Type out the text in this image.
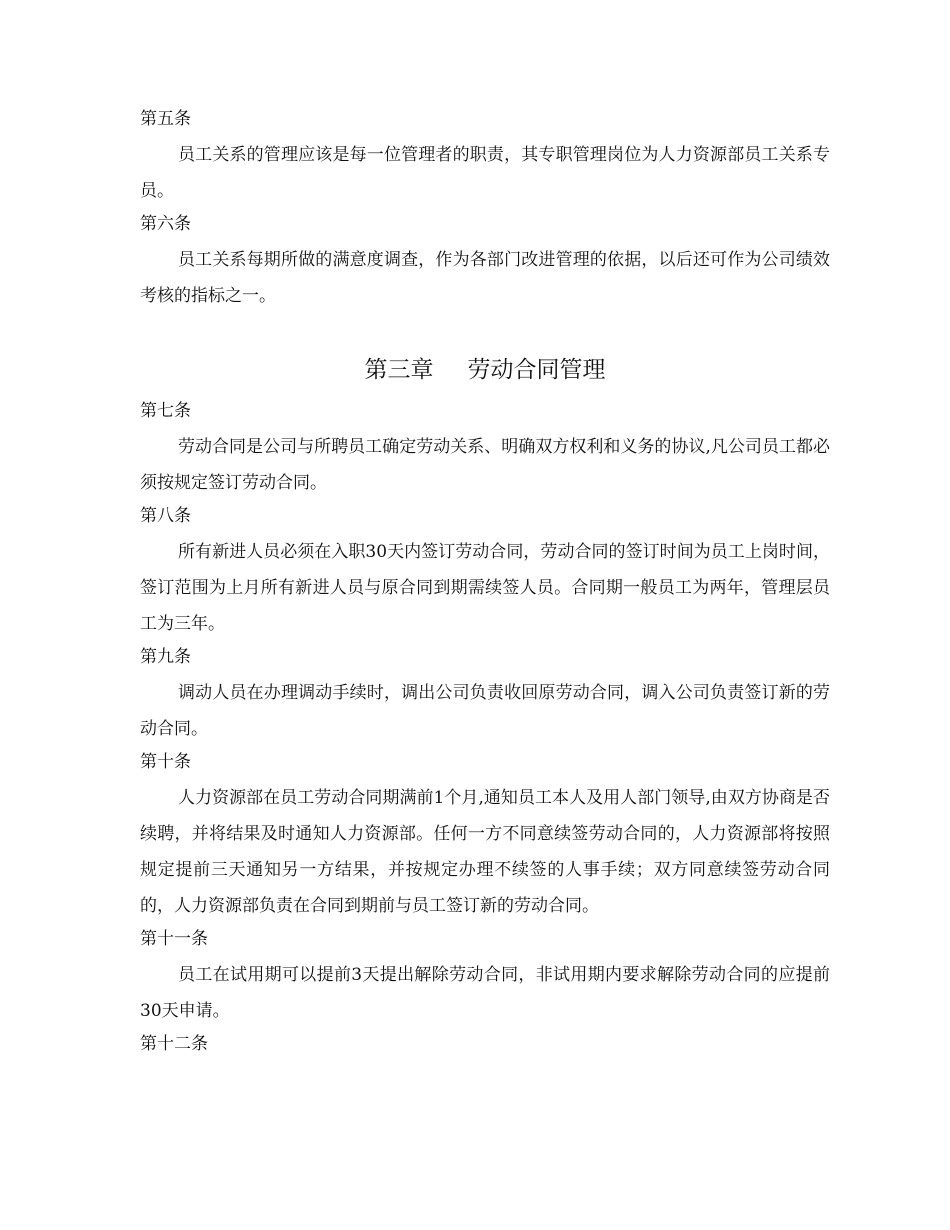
第五条
员工关系的管理应该是每一位管理者的职责，其专职管理岗位为人力资源部员工关系专员。
第六条
员工关系每期所做的满意度调查，作为各部门改进管理的依据，以后还可作为公司绩效考核的指标之一。
第三章 劳动合同管理
第七条
劳动合同是公司与所聘员工确定劳动关系、明确双方权利和义务的协议,凡公司员工都必须按规定签订劳动合同。
第八条
所有新进人员必须在入职30天内签订劳动合同，劳动合同的签订时间为员工上岗时间，签订范围为上月所有新进人员与原合同到期需续签人员。合同期一般员工为两年，管理层员工为三年。
第九条
调动人员在办理调动手续时，调出公司负责收回原劳动合同，调入公司负责签订新的劳动合同。
第十条
人力资源部在员工劳动合同期满前1个月,通知员工本人及用人部门领导,由双方协商是否续聘，并将结果及时通知人力资源部。任何一方不同意续签劳动合同的，人力资源部将按照规定提前三天通知另一方结果，并按规定办理不续签的人事手续；双方同意续签劳动合同的，人力资源部负责在合同到期前与员工签订新的劳动合同。
第十一条
员工在试用期可以提前3天提出解除劳动合同，非试用期内要求解除劳动合同的应提前30天申请。
第十二条
